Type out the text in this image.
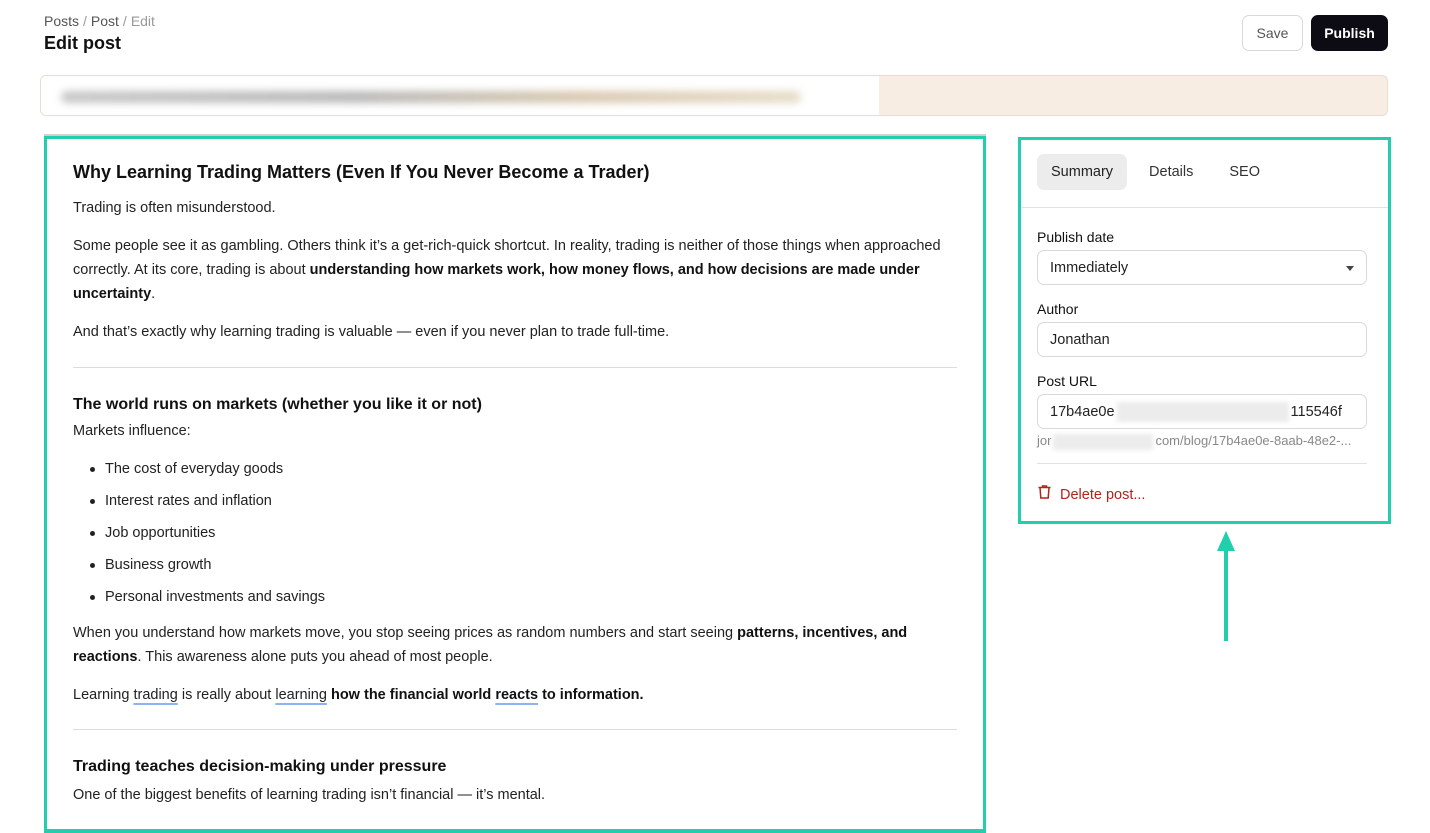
Posts / Post / Edit
Edit post	Save	Publish
Why Learning Trading Matters (Even If You Never Become a Trader)

Trading is often misunderstood.

Some people see it as gambling. Others think it’s a get-rich-quick shortcut. In reality, trading is neither of those things when approached correctly. At its core, trading is about understanding how markets work, how money flows, and how decisions are made under uncertainty.

And that’s exactly why learning trading is valuable — even if you never plan to trade full-time.

The world runs on markets (whether you like it or not)

Markets influence:

The cost of everyday goods
Interest rates and inflation
Job opportunities
Business growth
Personal investments and savings

When you understand how markets move, you stop seeing prices as random numbers and start seeing patterns, incentives, and reactions. This awareness alone puts you ahead of most people.

Learning trading is really about learning how the financial world reacts to information.

Trading teaches decision-making under pressure

One of the biggest benefits of learning trading isn’t financial — it’s mental.

Summary	Details	SEO
Publish date
Immediately
Author
Jonathan
Post URL
17b4ae0e	115546f
jor	com/blog/17b4ae0e-8aab-48e2-...
Delete post...
